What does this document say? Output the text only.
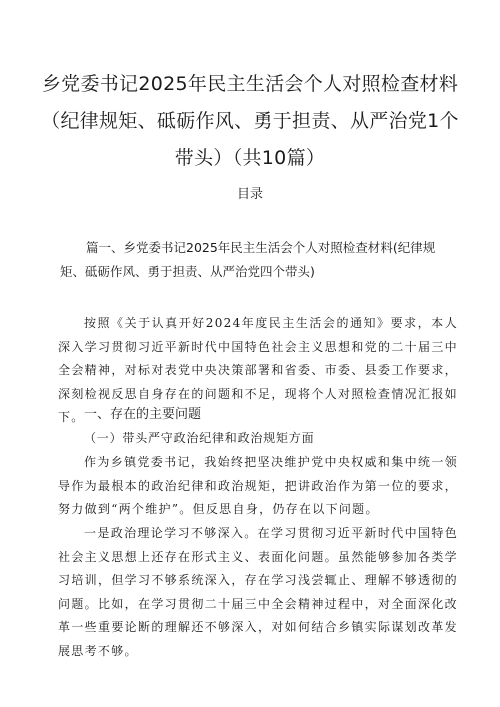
乡党委书记2025年民主生活会个人对照检查材料（纪律规矩、砥砺作风、勇于担责、从严治党1个带头）（共10篇）
目录
篇一、乡党委书记2025年民主生活会个人对照检查材料(纪律规矩、砥砺作风、勇于担责、从严治党四个带头)
按照《关于认真开好2024年度民主生活会的通知》要求，本人深入学习贯彻习近平新时代中国特色社会主义思想和党的二十届三中全会精神，对标对表党中央决策部署和省委、市委、县委工作要求，深刻检视反思自身存在的问题和不足，现将个人对照检查情况汇报如下。 一、存在的主要问题
（一）带头严守政治纪律和政治规矩方面
作为乡镇党委书记，我始终把坚决维护党中央权威和集中统一领导作为最根本的政治纪律和政治规矩，把讲政治作为第一位的要求，努力做到“两个维护”。但反思自身，仍存在以下问题。
一是政治理论学习不够深入。在学习贯彻习近平新时代中国特色社会主义思想上还存在形式主义、表面化问题。虽然能够参加各类学习培训，但学习不够系统深入，存在学习浅尝辄止、理解不够透彻的问题。比如，在学习贯彻二十届三中全会精神过程中，对全面深化改革一些重要论断的理解还不够深入，对如何结合乡镇实际谋划改革发展思考不够。
